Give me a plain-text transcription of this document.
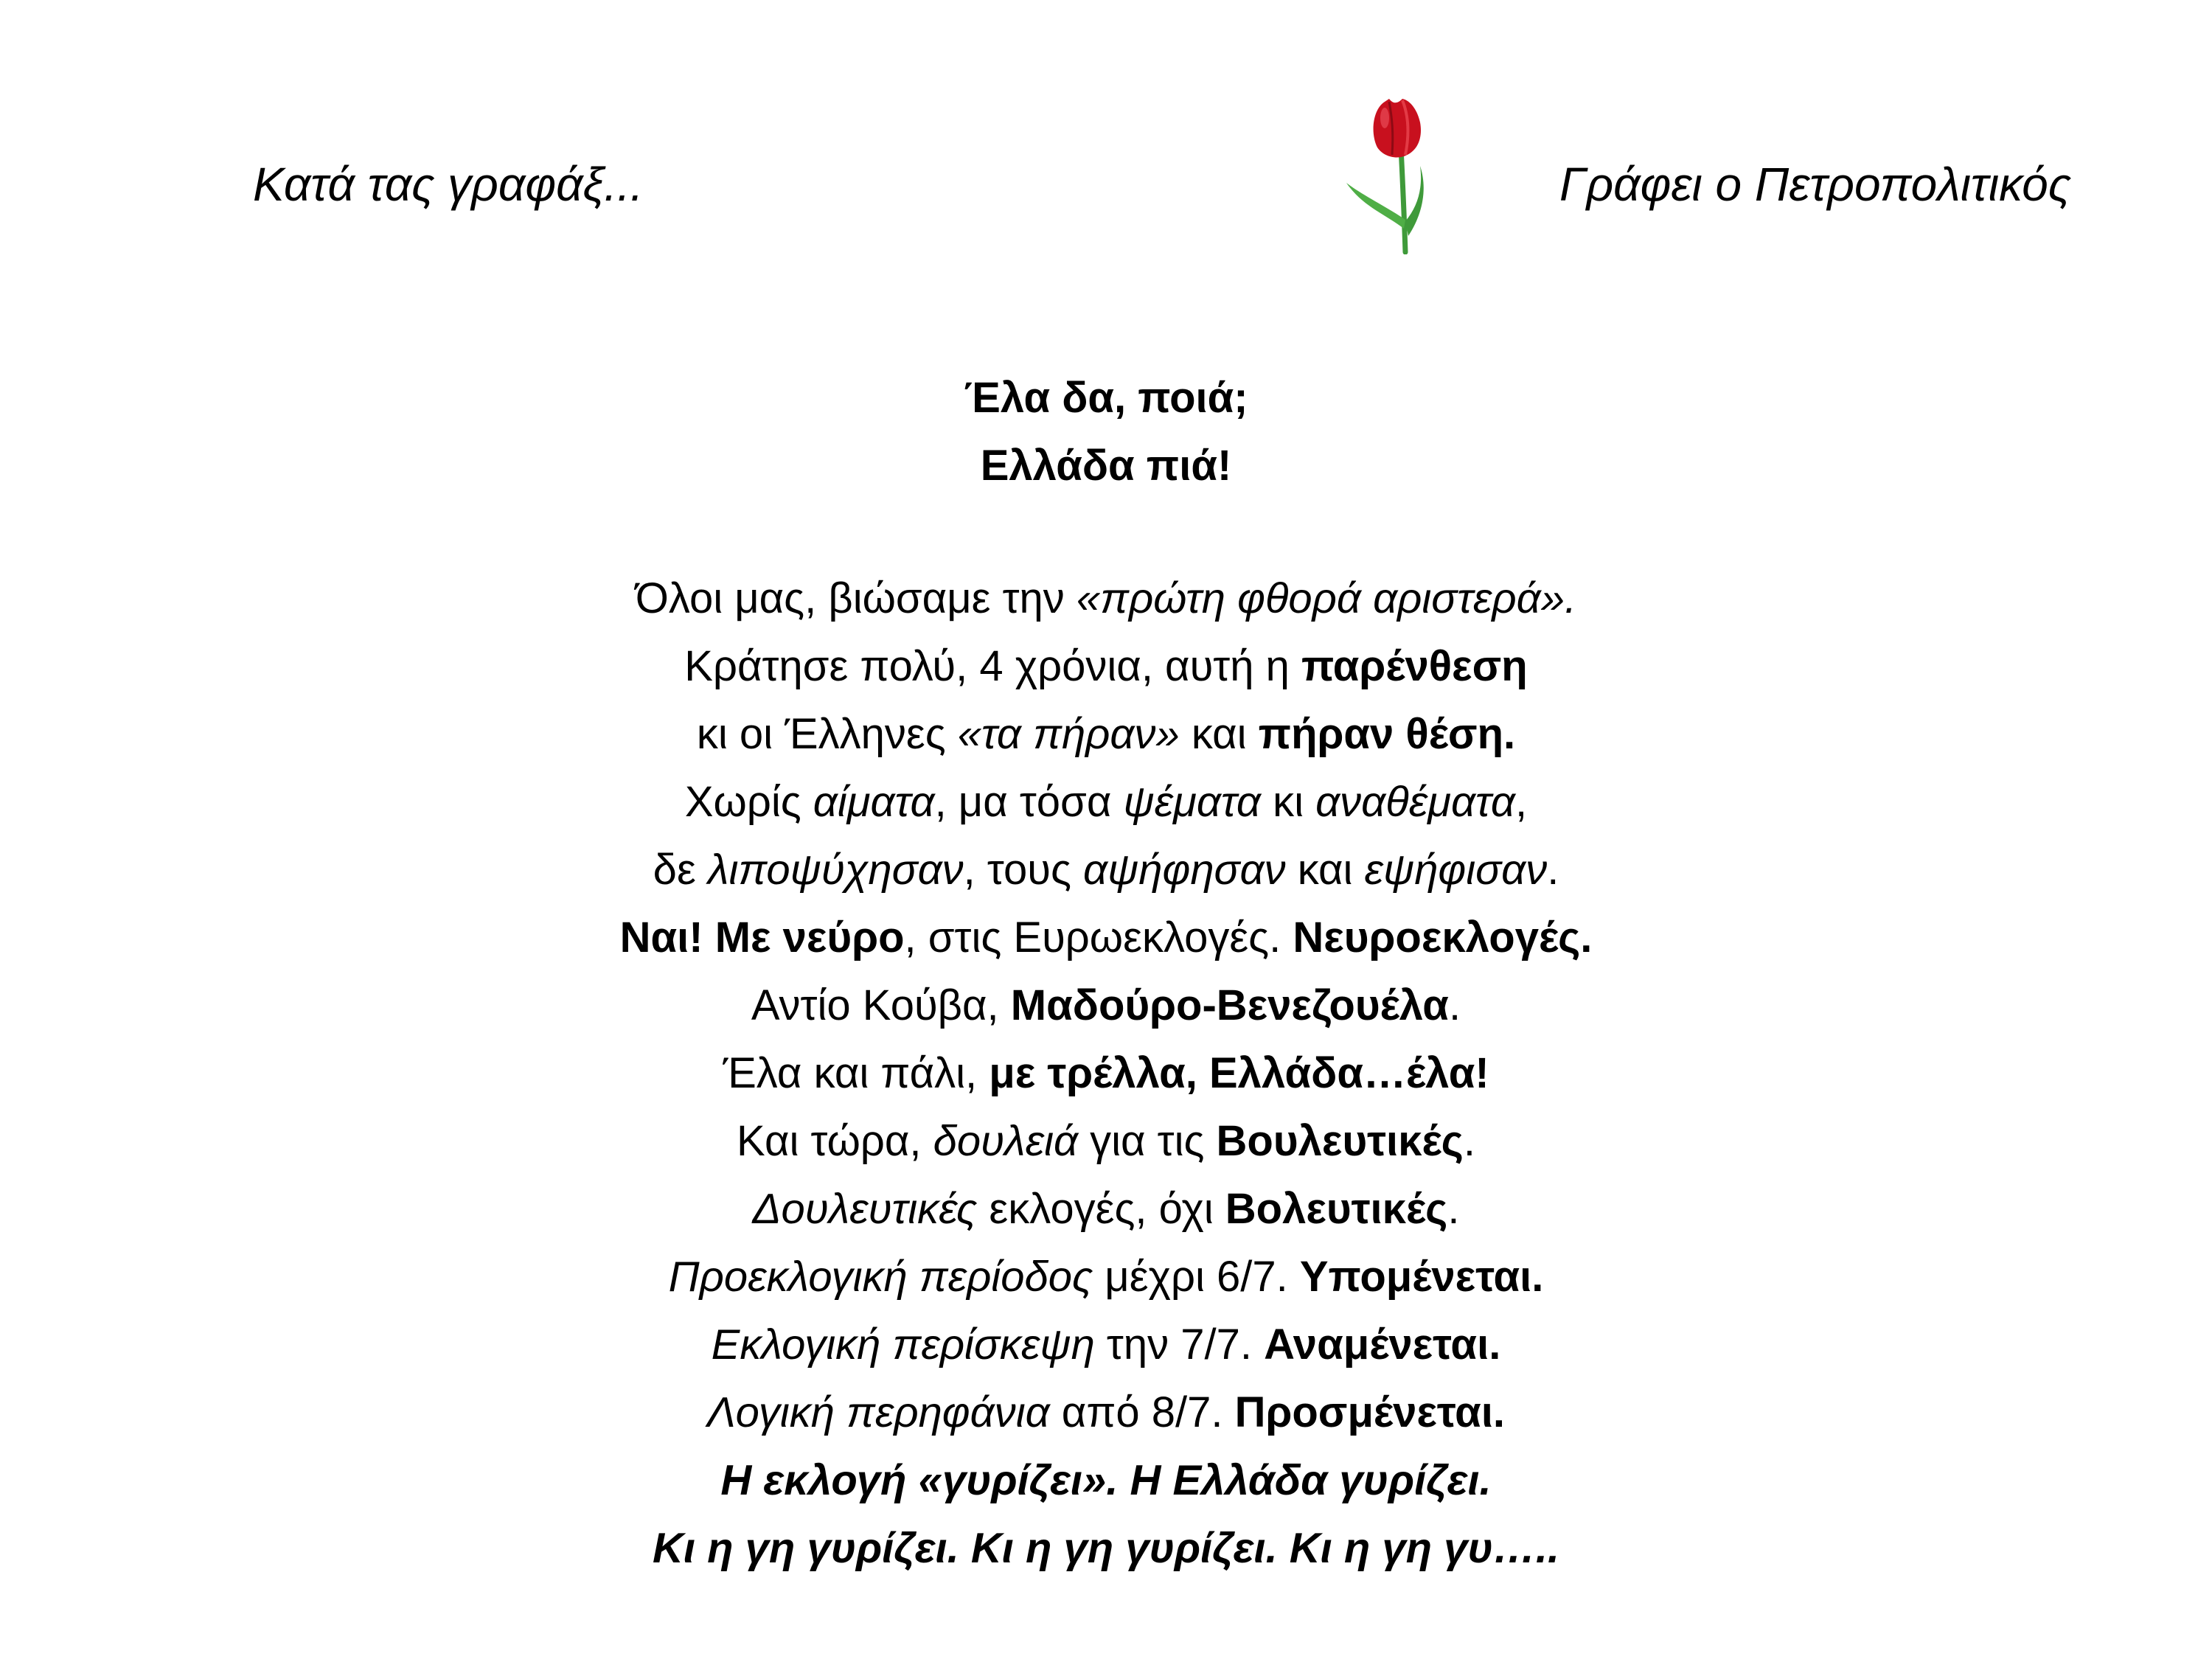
Κατά τας γραφάξ...	Γράφει ο Πετροπολιτικός
Έλα δα, ποιά;
Ελλάδα πιά!
Όλοι μας, βιώσαμε την «πρώτη φθορά αριστερά».
Κράτησε πολύ, 4 χρόνια, αυτή η παρένθεση
κι οι Έλληνες «τα πήραν» και πήραν θέση.
Χωρίς αίματα, μα τόσα ψέματα κι αναθέματα,
δε λιποψύχησαν, τους αψήφησαν και εψήφισαν.
Ναι! Με νεύρο, στις Ευρωεκλογές. Νευροεκλογές.
Αντίο Κούβα, Μαδούρο-Βενεζουέλα.
Έλα και πάλι, με τρέλλα, Ελλάδα…έλα!
Και τώρα, δουλειά για τις Βουλευτικές.
Δουλευτικές εκλογές, όχι Βολευτικές.
Προεκλογική περίοδος μέχρι 6/7. Υπομένεται.
Εκλογική περίσκεψη την 7/7. Αναμένεται.
Λογική περηφάνια από 8/7. Προσμένεται.
Η εκλογή «γυρίζει». Η Ελλάδα γυρίζει.
Κι η γη γυρίζει. Κι η γη γυρίζει. Κι η γη γυ…..
